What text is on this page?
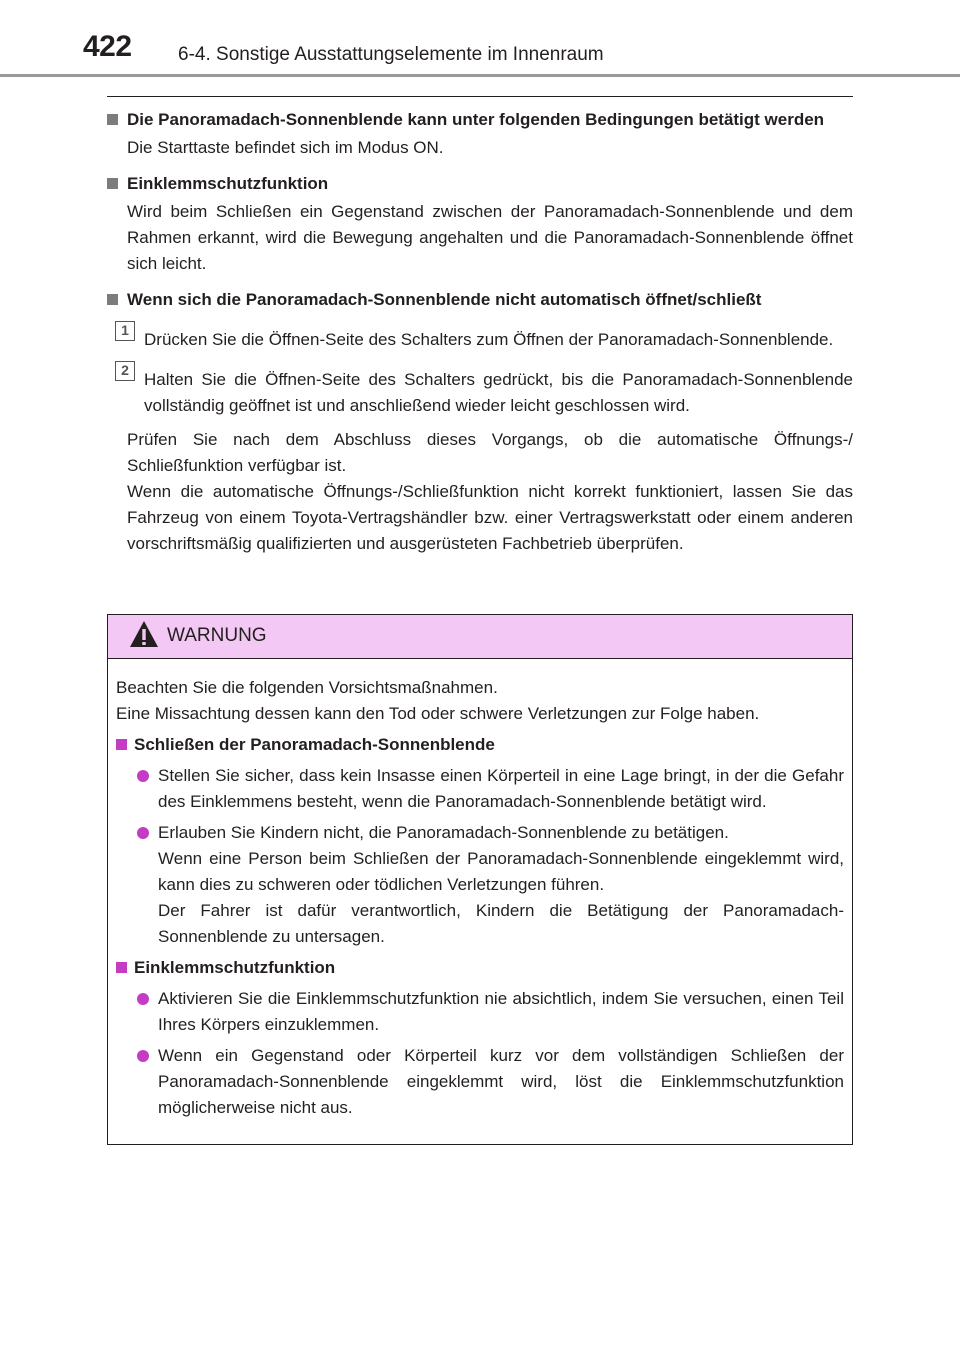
422 6-4. Sonstige Ausstattungselemente im Innenraum
Die Panoramadach-Sonnenblende kann unter folgenden Bedingungen betätigt werden
Die Starttaste befindet sich im Modus ON.
Einklemmschutzfunktion
Wird beim Schließen ein Gegenstand zwischen der Panoramadach-Sonnenblende und dem Rahmen erkannt, wird die Bewegung angehalten und die Panoramadach-Sonnenblende öffnet sich leicht.
Wenn sich die Panoramadach-Sonnenblende nicht automatisch öffnet/schließt
1 Drücken Sie die Öffnen-Seite des Schalters zum Öffnen der Panoramadach-Sonnenblende.
2 Halten Sie die Öffnen-Seite des Schalters gedrückt, bis die Panoramadach-Sonnenblende vollständig geöffnet ist und anschließend wieder leicht geschlossen wird.
Prüfen Sie nach dem Abschluss dieses Vorgangs, ob die automatische Öffnungs-/ Schließfunktion verfügbar ist.
Wenn die automatische Öffnungs-/Schließfunktion nicht korrekt funktioniert, lassen Sie das Fahrzeug von einem Toyota-Vertragshändler bzw. einer Vertragswerkstatt oder einem anderen vorschriftsmäßig qualifizierten und ausgerüsteten Fachbetrieb überprüfen.
WARNUNG
Beachten Sie die folgenden Vorsichtsmaßnahmen.
Eine Missachtung dessen kann den Tod oder schwere Verletzungen zur Folge haben.
Schließen der Panoramadach-Sonnenblende

Stellen Sie sicher, dass kein Insasse einen Körperteil in eine Lage bringt, in der die Gefahr des Einklemmens besteht, wenn die Panoramadach-Sonnenblende betätigt wird.

Erlauben Sie Kindern nicht, die Panoramadach-Sonnenblende zu betätigen.

Wenn eine Person beim Schließen der Panoramadach-Sonnenblende eingeklemmt wird, kann dies zu schweren oder tödlichen Verletzungen führen.

Der Fahrer ist dafür verantwortlich, Kindern die Betätigung der Panoramadach-Sonnenblende zu untersagen.

Einklemmschutzfunktion

Aktivieren Sie die Einklemmschutzfunktion nie absichtlich, indem Sie versuchen, einen Teil Ihres Körpers einzuklemmen.

Wenn ein Gegenstand oder Körperteil kurz vor dem vollständigen Schließen der Panoramadach-Sonnenblende eingeklemmt wird, löst die Einklemmschutzfunktion möglicherweise nicht aus.
